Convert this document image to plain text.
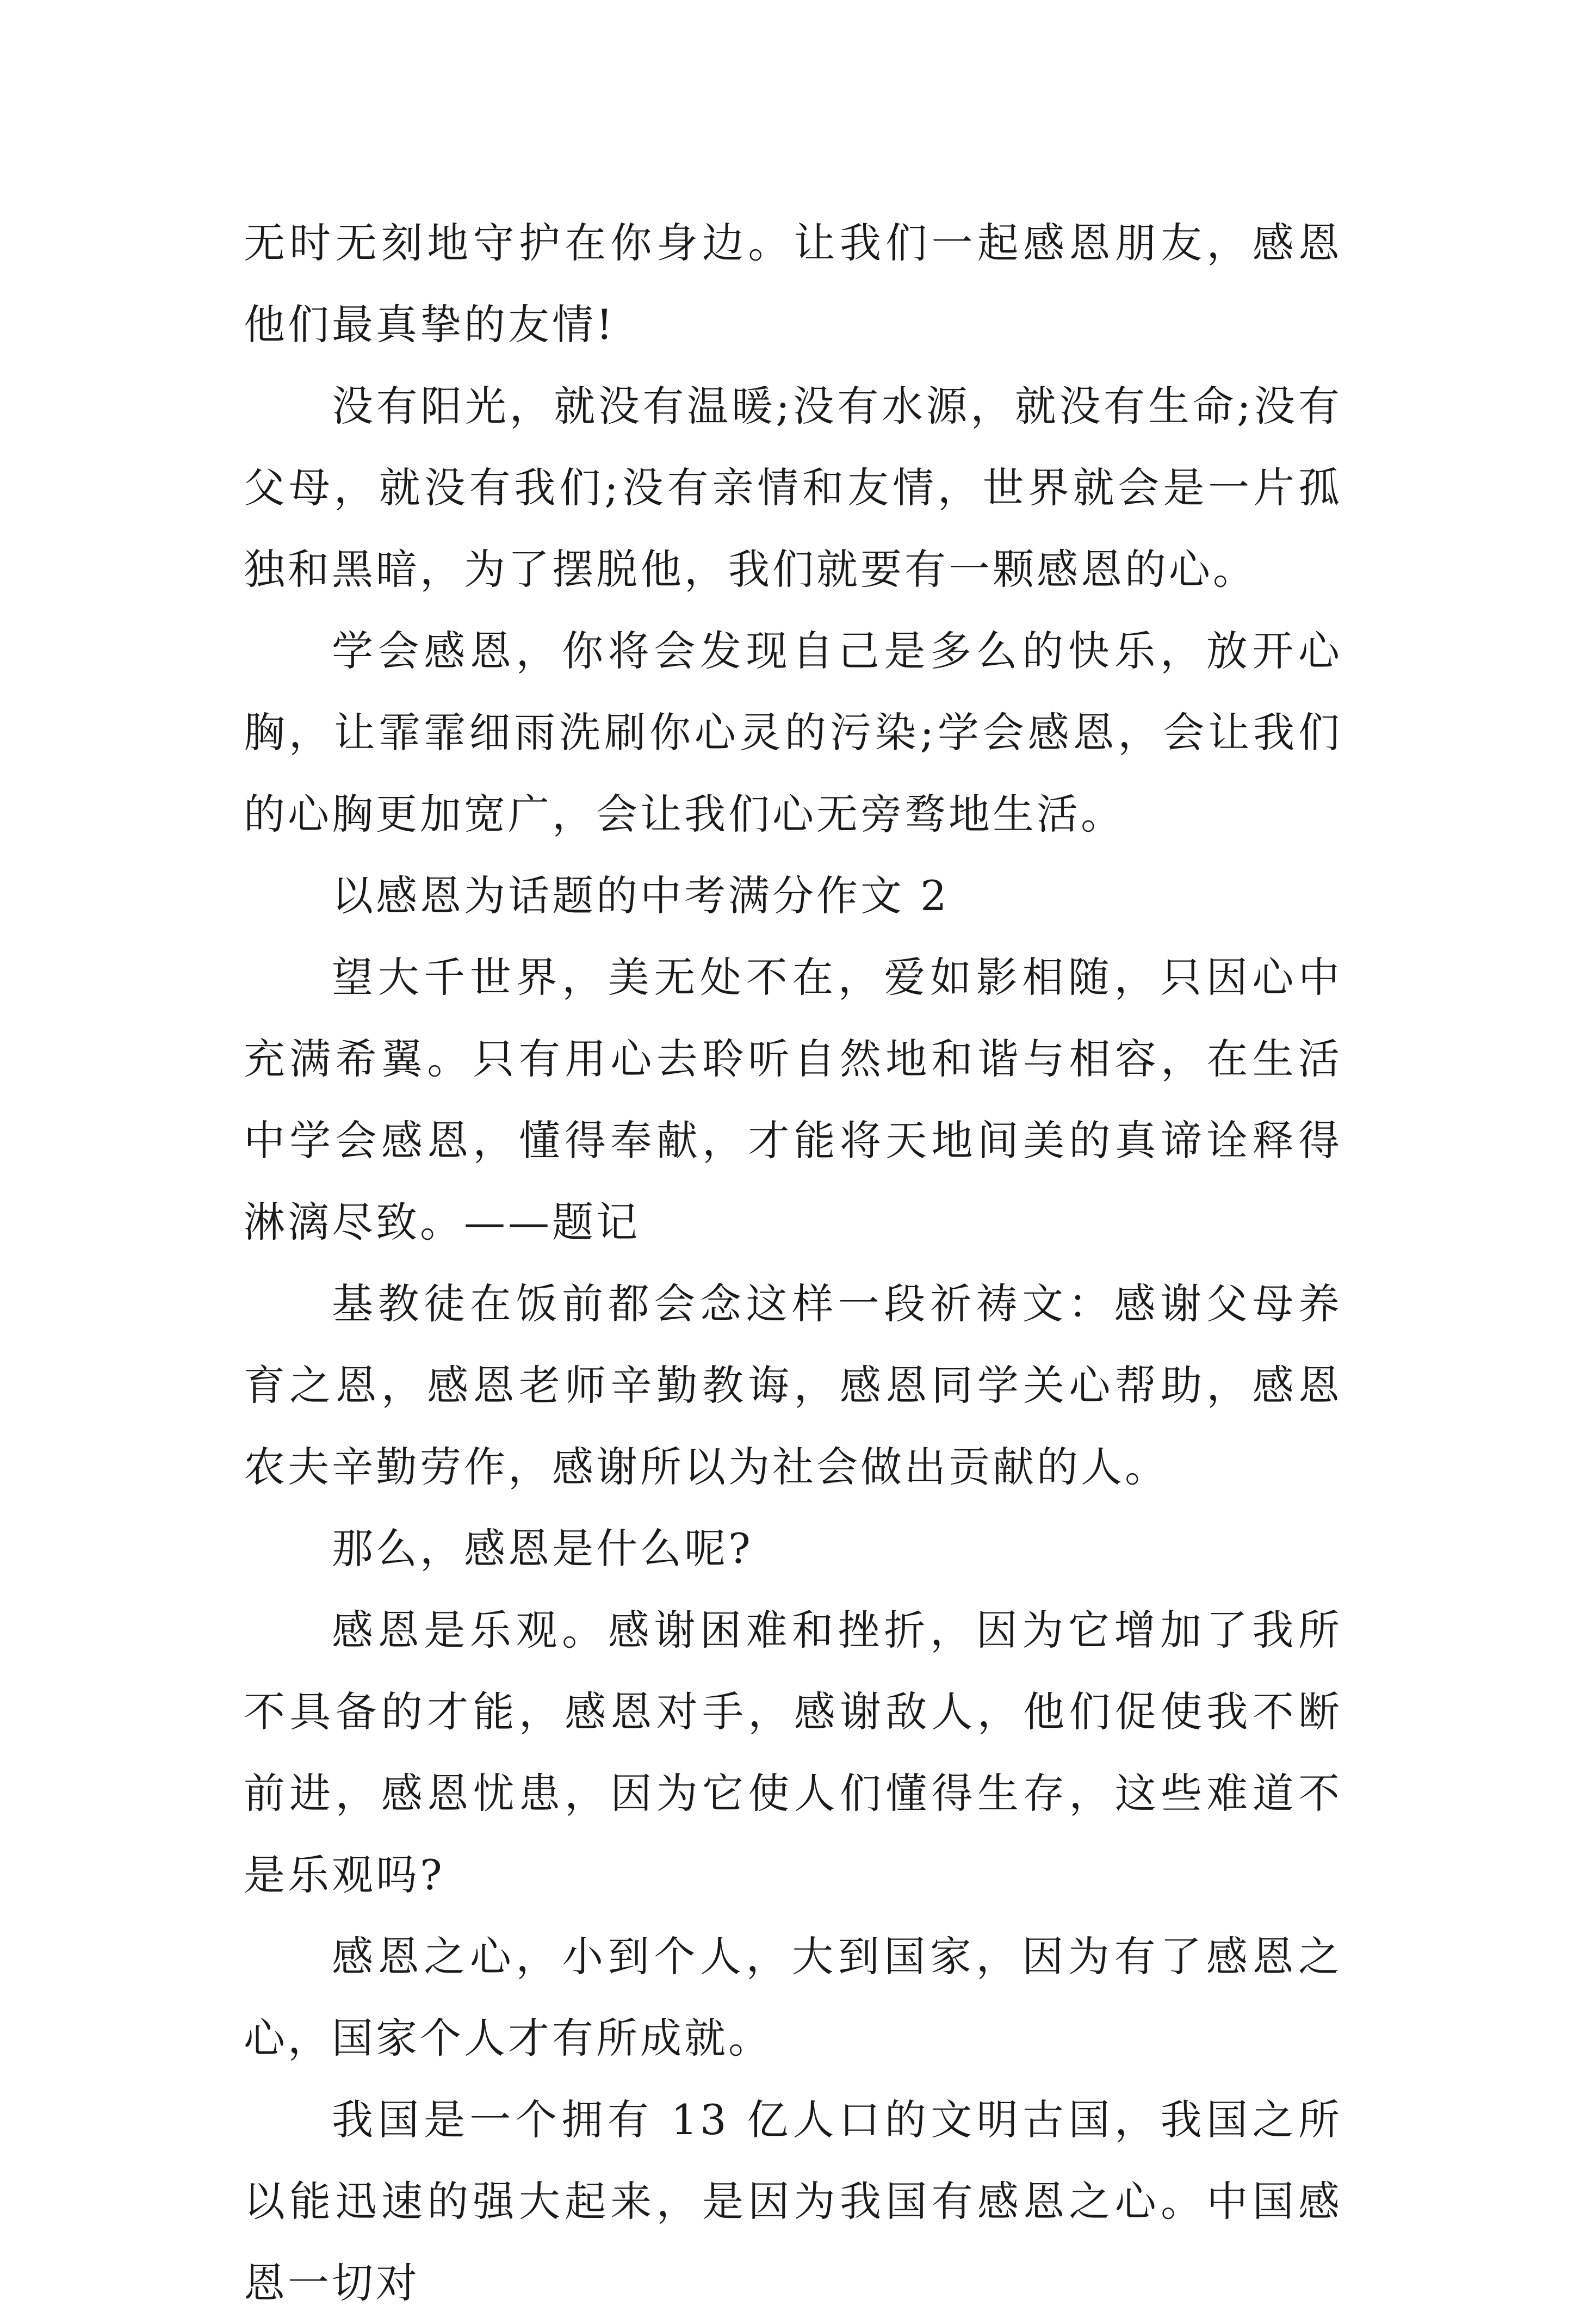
无时无刻地守护在你身边。让我们一起感恩朋友，感恩他们最真挚的友情!

没有阳光，就没有温暖;没有水源，就没有生命;没有父母，就没有我们;没有亲情和友情，世界就会是一片孤独和黑暗，为了摆脱他，我们就要有一颗感恩的心。

学会感恩，你将会发现自己是多么的快乐，放开心胸，让霏霏细雨洗刷你心灵的污染;学会感恩，会让我们的心胸更加宽广，会让我们心无旁骛地生活。

以感恩为话题的中考满分作文 2

望大千世界，美无处不在，爱如影相随，只因心中充满希翼。只有用心去聆听自然地和谐与相容，在生活中学会感恩，懂得奉献，才能将天地间美的真谛诠释得淋漓尽致。——题记

基教徒在饭前都会念这样一段祈祷文：感谢父母养育之恩，感恩老师辛勤教诲，感恩同学关心帮助，感恩农夫辛勤劳作，感谢所以为社会做出贡献的人。

那么，感恩是什么呢?

感恩是乐观。感谢困难和挫折，因为它增加了我所不具备的才能，感恩对手，感谢敌人，他们促使我不断前进，感恩忧患，因为它使人们懂得生存，这些难道不是乐观吗?

感恩之心，小到个人，大到国家，因为有了感恩之心，国家个人才有所成就。

我国是一个拥有 13 亿人口的文明古国，我国之所以能迅速的强大起来，是因为我国有感恩之心。中国感恩一切对
